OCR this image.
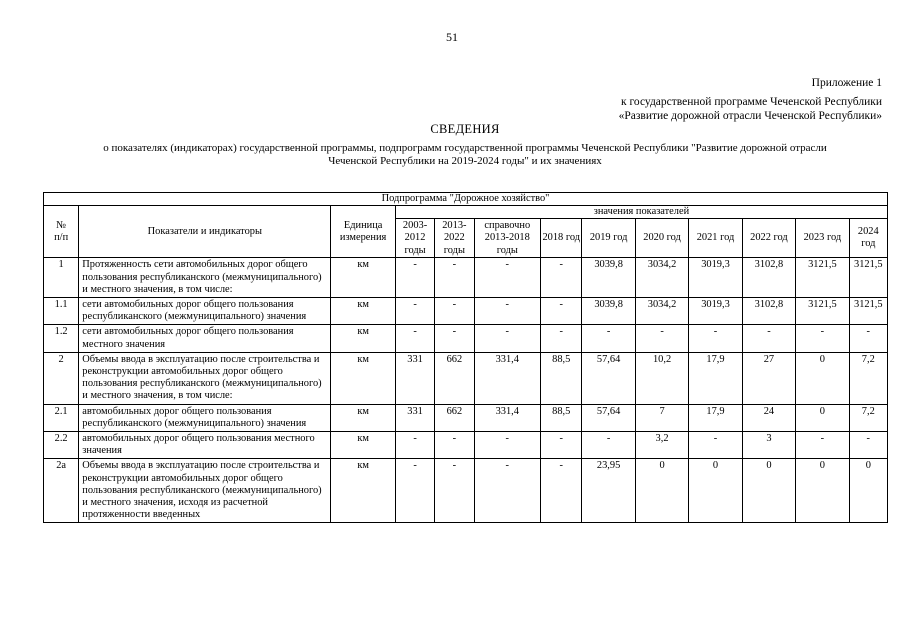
51
Приложение 1
к государственной программе Чеченской Республики
«Развитие дорожной отрасли Чеченской Республики»
СВЕДЕНИЯ
о показателях (индикаторах) государственной программы, подпрограмм государственной программы Чеченской Республики "Развитие дорожной отрасли
Чеченской Республики на 2019-2024 годы" и их значениях
Подпрограмма "Дорожное хозяйство"												
№
п/п	Показатели и индикаторы	Единица измерения	значения показателей									
			2003-2012 годы	2013-2022 годы	справочно 2013-2018 годы	2018 год	2019 год	2020 год	2021 год	2022 год	2023 год	2024 год
1	Протяженность сети автомобильных дорог общего пользования республиканского (межмуниципального) и местного значения, в том числе:	км	-	-	-	-	3039,8	3034,2	3019,3	3102,8	3121,5	3121,5
1.1	сети автомобильных дорог общего пользования республиканского (межмуниципального) значения	км	-	-	-	-	3039,8	3034,2	3019,3	3102,8	3121,5	3121,5
1.2	сети автомобильных дорог общего пользования местного значения	км	-	-	-	-	-	-	-	-	-	-
2	Объемы ввода в эксплуатацию после строительства и реконструкции автомобильных дорог общего пользования республиканского (межмуниципального) и местного значения, в том числе:	км	331	662	331,4	88,5	57,64	10,2	17,9	27	0	7,2
2.1	автомобильных дорог общего пользования республиканского (межмуниципального) значения	км	331	662	331,4	88,5	57,64	7	17,9	24	0	7,2
2.2	автомобильных дорог общего пользования местного значения	км	-	-	-	-	-	3,2	-	3	-	-
2а	Объемы ввода в эксплуатацию после строительства и реконструкции автомобильных дорог общего пользования республиканского (межмуниципального) и местного значения, исходя из расчетной протяженности введенных	км	-	-	-	-	23,95	0	0	0	0	0
